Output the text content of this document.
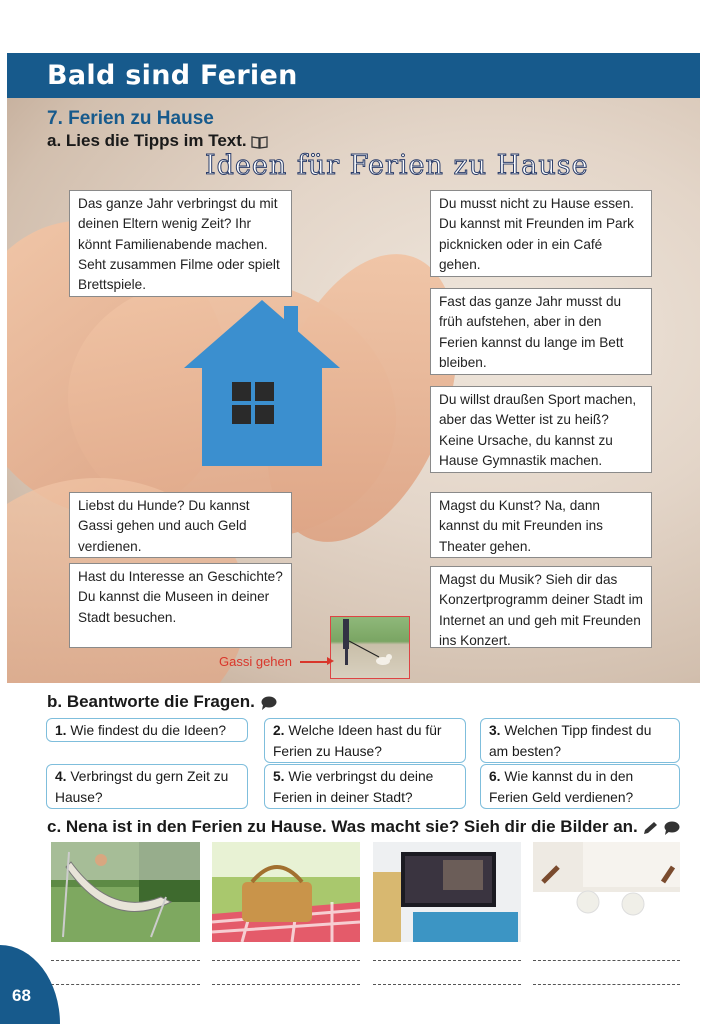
Bald sind Ferien
7. Ferien zu Hause
a. Lies die Tipps im Text.
Ideen für Ferien zu Hause
Das ganze Jahr verbringst du mit deinen Eltern wenig Zeit? Ihr könnt Familienabende machen. Seht zusammen Filme oder spielt Brettspiele.
Du musst nicht zu Hause essen. Du kannst mit Freunden im Park picknicken oder in ein Café gehen.
Fast das ganze Jahr musst du früh aufstehen, aber in den Ferien kannst du lange im Bett bleiben.
Du willst draußen Sport machen, aber das Wetter ist zu heiß? Keine Ursache, du kannst zu Hause Gymnastik machen.
Liebst du Hunde? Du kannst Gassi gehen und auch Geld verdienen.
Magst du Kunst? Na, dann kannst du mit Freunden ins Theater gehen.
Hast du Interesse an Geschichte? Du kannst die Museen in deiner Stadt besuchen.
Magst du Musik? Sieh dir das Konzertprogramm deiner Stadt im Internet an und geh mit Freunden ins Konzert.
Gassi gehen
b. Beantworte die Fragen.
1. Wie findest du die Ideen?	2. Welche Ideen hast du für Ferien zu Hause?
3. Welchen Tipp findest du am besten?
4. Verbringst du gern Zeit zu Hause?
5. Wie verbringst du deine Ferien in deiner Stadt?
6. Wie kannst du in den Ferien Geld verdienen?
c. Nena ist in den Ferien zu Hause. Was macht sie? Sieh dir die Bilder an.
68
